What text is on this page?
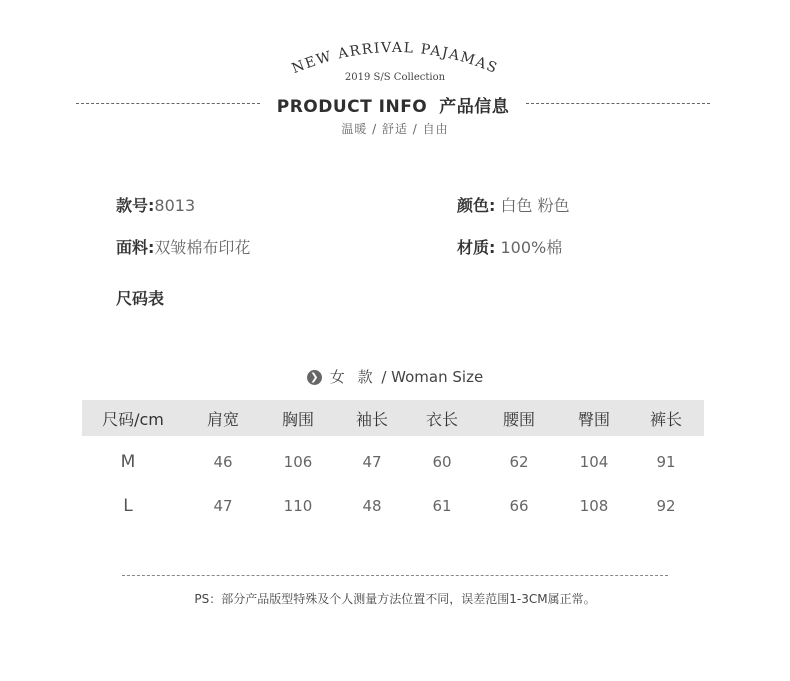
NEW ARRIVAL PAJAMAS
2019 S/S Collection
PRODUCT INFO 产品信息
温暖 / 舒适 / 自由
款号:8013	颜色: 白色 粉色
面料:双皱棉布印花	材质: 100%棉
尺码表
❯ 女 款 / Woman Size
尺码/cm	肩宽	胸围	袖长	衣长	腰围	臀围	裤长
M	46	106	47	60	62	104	91
L	47	110	48	61	66	108	92
PS：部分产品版型特殊及个人测量方法位置不同，误差范围1-3CM属正常。
